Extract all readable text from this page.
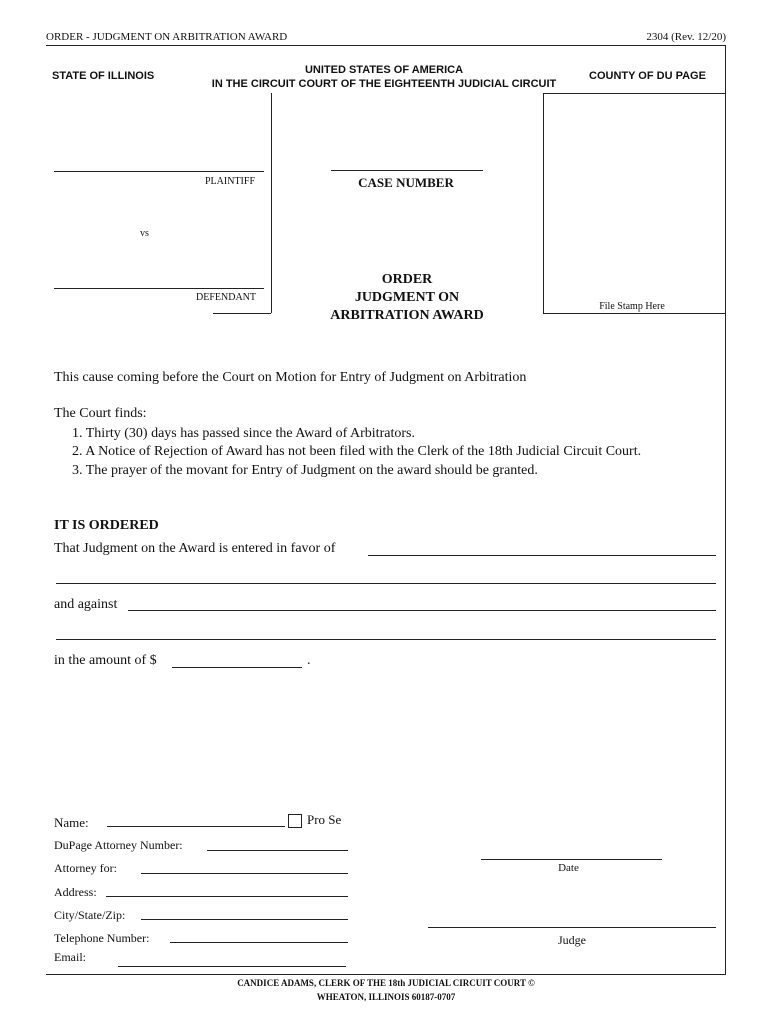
ORDER - JUDGMENT ON ARBITRATION AWARD	2304 (Rev. 12/20)
STATE OF ILLINOIS	UNITED STATES OF AMERICA
IN THE CIRCUIT COURT OF THE EIGHTEENTH JUDICIAL CIRCUIT
COUNTY OF DU PAGE
PLAINTIFF
vs
DEFENDANT
CASE NUMBER
ORDER
JUDGMENT ON
ARBITRATION AWARD
File Stamp Here
This cause coming before the Court on Motion for Entry of Judgment on Arbitration
The Court finds:
1. Thirty (30) days has passed since the Award of Arbitrators.
2. A Notice of Rejection of Award has not been filed with the Clerk of the 18th Judicial Circuit Court.
3. The prayer of the movant for Entry of Judgment on the award should be granted.
IT IS ORDERED
That Judgment on the Award is entered in favor of
and against
in the amount of $	.
Name:	Pro Se
DuPage Attorney Number:
Attorney for:
Address:
City/State/Zip:
Telephone Number:
Email:
Date
Judge
CANDICE ADAMS, CLERK OF THE 18th JUDICIAL CIRCUIT COURT ©
WHEATON, ILLINOIS 60187-0707
